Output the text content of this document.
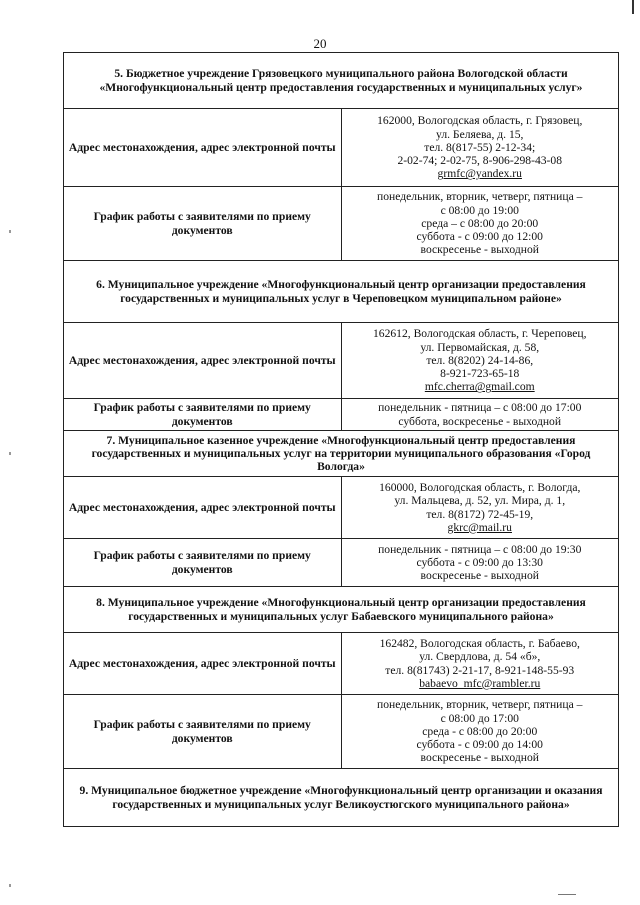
20
5. Бюджетное учреждение Грязовецкого муниципального района Вологодской области «Многофункциональный центр предоставления государственных и муниципальных услуг»	
Адрес местонахождения, адрес электронной почты	162000, Вологодская область, г. Грязовец,
ул. Беляева, д. 15,
тел. 8(817-55) 2-12-34;
2-02-74; 2-02-75, 8-906-298-43-08
grmfc@yandex.ru

График работы с заявителями по приему документов	понедельник, вторник, четверг, пятница –
с 08:00 до 19:00
среда – с 08:00 до 20:00
суббота - с 09:00 до 12:00
воскресенье - выходной

6. Муниципальное учреждение «Многофункциональный центр организации предоставления государственных и муниципальных услуг в Череповецком муниципальном районе»	
Адрес местонахождения, адрес электронной почты	162612, Вологодская область, г. Череповец,
ул. Первомайская, д. 58,
тел. 8(8202) 24-14-86,
8-921-723-65-18
mfc.cherra@gmail.com

График работы с заявителями по приему документов	понедельник - пятница – с 08:00 до 17:00
суббота, воскресенье - выходной

7. Муниципальное казенное учреждение «Многофункциональный центр предоставления государственных и муниципальных услуг на территории муниципального образования «Город Вологда»	
Адрес местонахождения, адрес электронной почты	160000, Вологодская область, г. Вологда,
ул. Мальцева, д. 52, ул. Мира, д. 1,
тел. 8(8172) 72-45-19,
gkrc@mail.ru

График работы с заявителями по приему документов	понедельник - пятница – с 08:00 до 19:30
суббота - с 09:00 до 13:30
воскресенье - выходной

8. Муниципальное учреждение «Многофункциональный центр организации предоставления государственных и муниципальных услуг Бабаевского муниципального района»	
Адрес местонахождения, адрес электронной почты	162482, Вологодская область, г. Бабаево,
ул. Свердлова, д. 54 «б»,
тел. 8(81743) 2-21-17, 8-921-148-55-93
babaevo_mfc@rambler.ru

График работы с заявителями по приему документов	понедельник, вторник, четверг, пятница –
с 08:00 до 17:00
среда - с 08:00 до 20:00
суббота - с 09:00 до 14:00
воскресенье - выходной

9. Муниципальное бюджетное учреждение «Многофункциональный центр организации и оказания государственных и муниципальных услуг Великоустюгского муниципального района»	
